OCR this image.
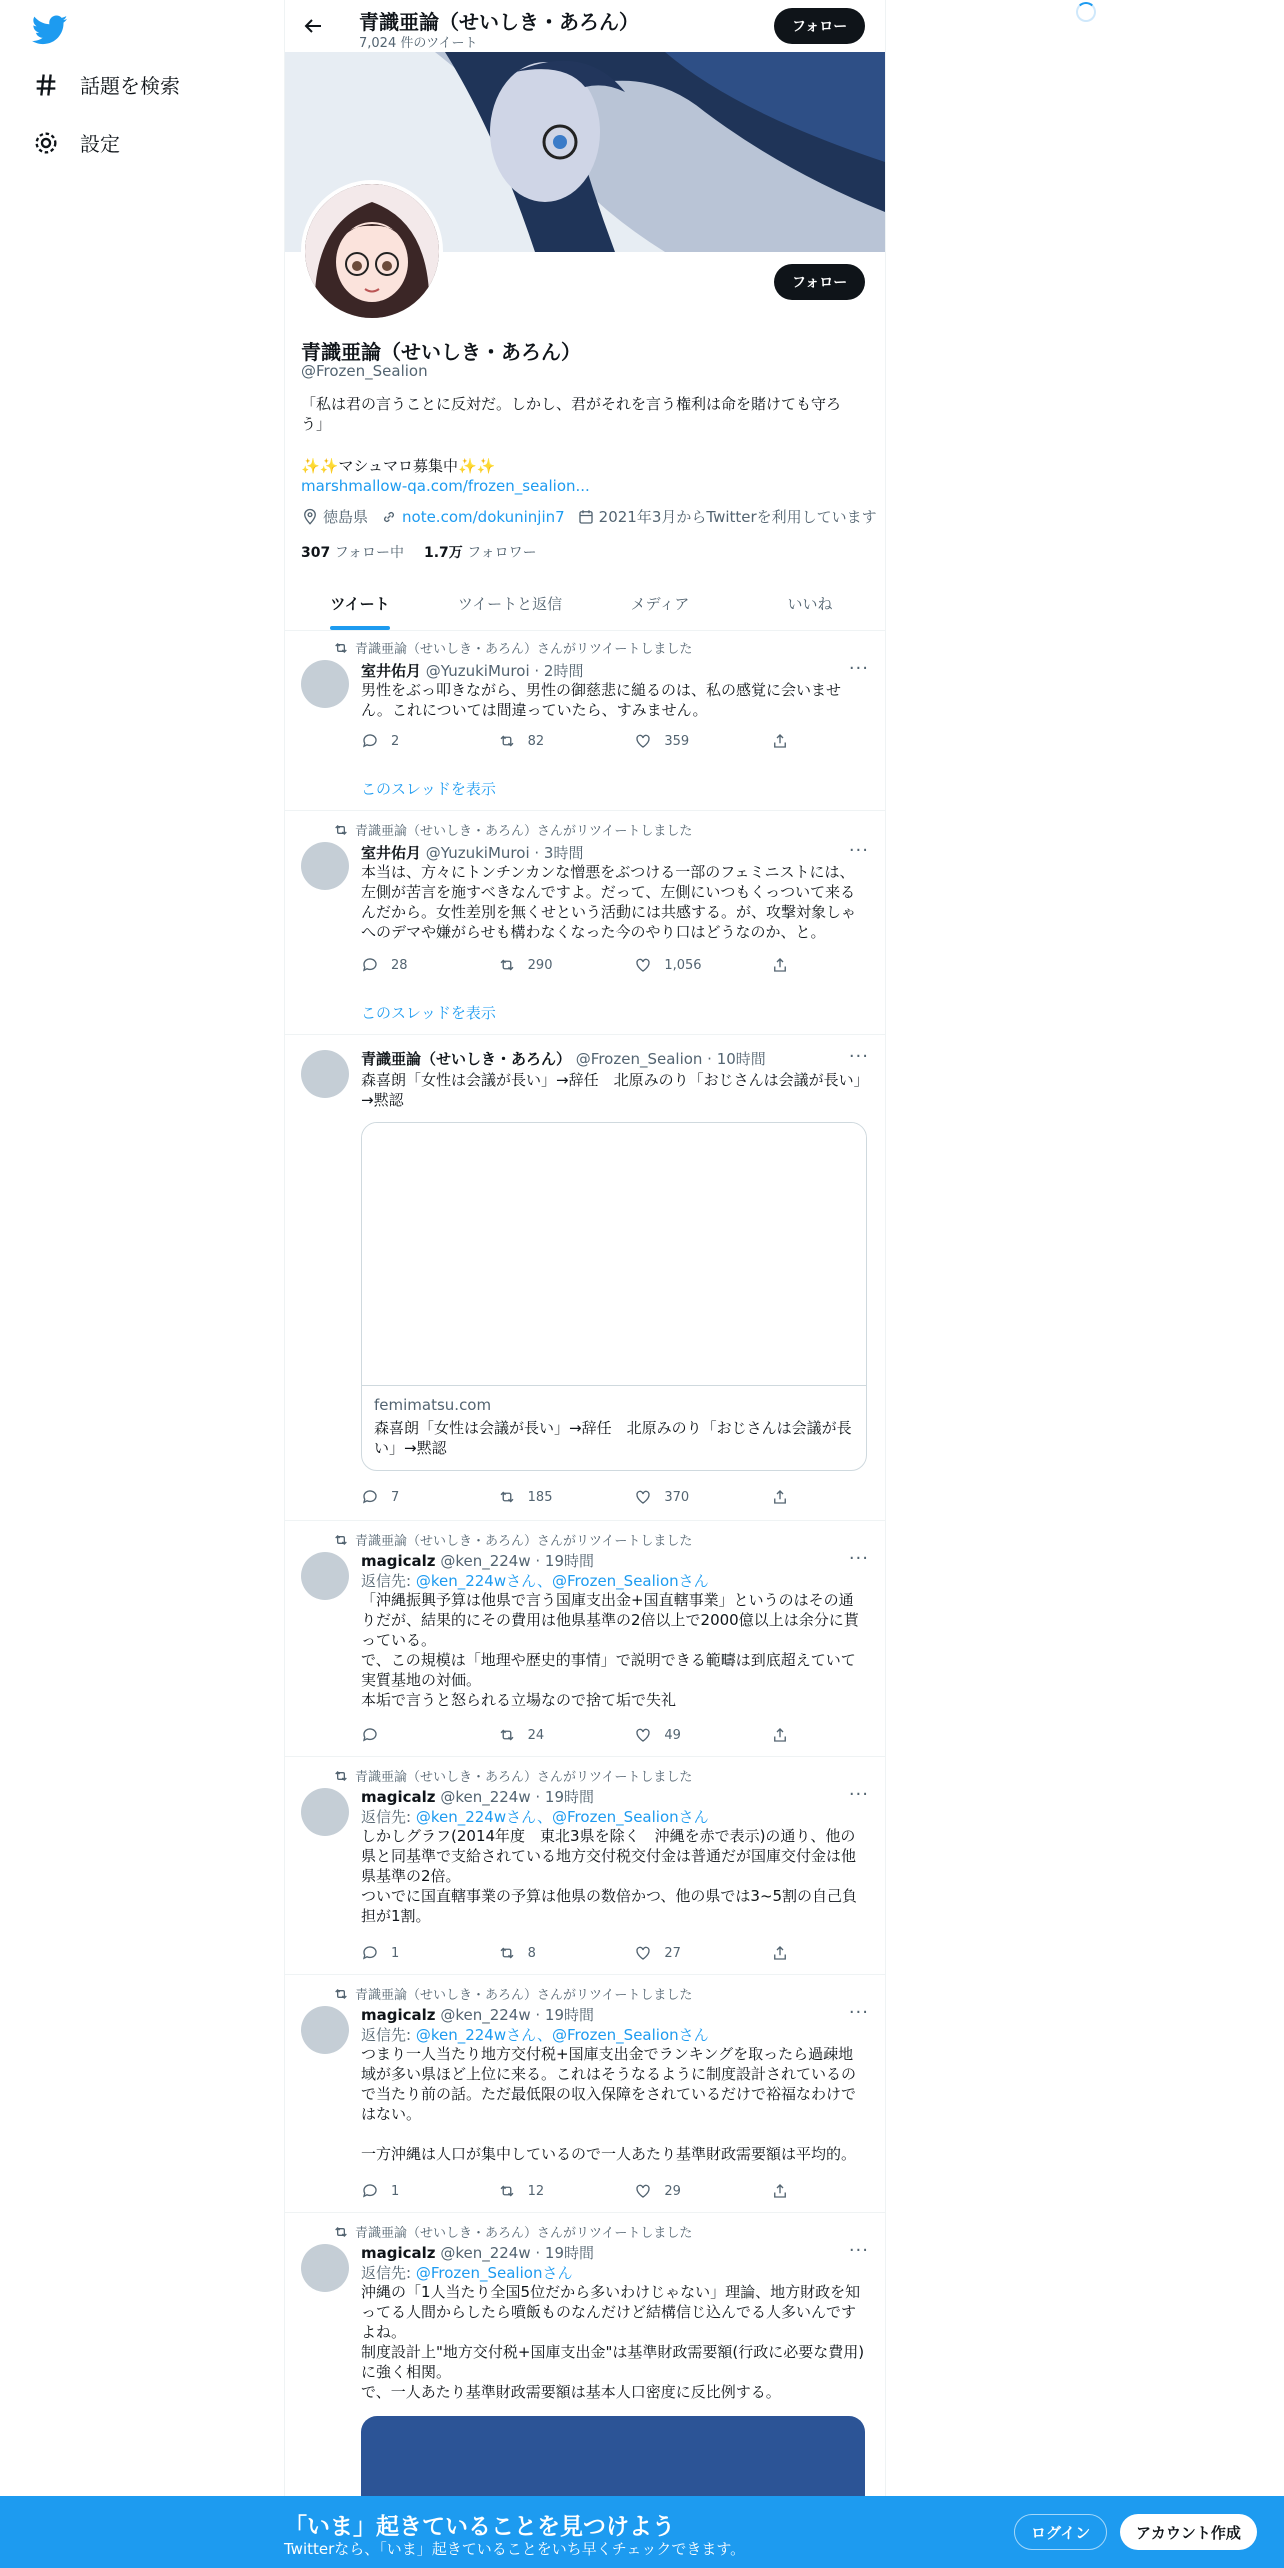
話題を検索
設定
青識亜論（せいしき・あろん）
7,024 件のツイート
フォロー
フォロー
青識亜論（せいしき・あろん）
@Frozen_Sealion
「私は君の言うことに反対だ。しかし、君がそれを言う権利は命を賭けても守ろう」
✨✨マシュマロ募集中✨✨
marshmallow-qa.com/frozen_sealion...
徳島県 note.com/dokuninjin7 2021年3月からTwitterを利用しています
307 フォロー中 1.7万 フォロワー
ツイート	ツイートと返信	メディア	いいね
青識亜論（せいしき・あろん）さんがリツイートしました
室井佑月 @YuzukiMuroi · 2時間	···
男性をぶっ叩きながら、男性の御慈悲に縋るのは、私の感覚に会いません。これについては間違っていたら、すみません。
2	82	359
このスレッドを表示
青識亜論（せいしき・あろん）さんがリツイートしました
室井佑月 @YuzukiMuroi · 3時間	···
本当は、方々にトンチンカンな憎悪をぶつける一部のフェミニストには、左側が苦言を施すべきなんですよ。だって、左側にいつもくっついて来るんだから。女性差別を無くせという活動には共感する。が、攻撃対象しゃへのデマや嫌がらせも構わなくなった今のやり口はどうなのか、と。
28	290	1,056
このスレッドを表示
青識亜論（せいしき・あろん） @Frozen_Sealion · 10時間	···
森喜朗「女性は会議が長い」→辞任　北原みのり「おじさんは会議が長い」→黙認
femimatsu.com
森喜朗「女性は会議が長い」→辞任　北原みのり「おじさんは会議が長い」→黙認
7	185	370
青識亜論（せいしき・あろん）さんがリツイートしました
magicalz @ken_224w · 19時間	···
返信先: @ken_224wさん、@Frozen_Sealionさん
「沖縄振興予算は他県で言う国庫支出金+国直轄事業」というのはその通りだが、結果的にその費用は他県基準の2倍以上で2000億以上は余分に貰っている。
で、この規模は「地理や歴史的事情」で説明できる範疇は到底超えていて実質基地の対価。
本垢で言うと怒られる立場なので捨て垢で失礼
24	49
青識亜論（せいしき・あろん）さんがリツイートしました
magicalz @ken_224w · 19時間	···
返信先: @ken_224wさん、@Frozen_Sealionさん
しかしグラフ(2014年度　東北3県を除く　沖縄を赤で表示)の通り、他の県と同基準で支給されている地方交付税交付金は普通だが国庫交付金は他県基準の2倍。
ついでに国直轄事業の予算は他県の数倍かつ、他の県では3~5割の自己負担が1割。
1	8	27
青識亜論（せいしき・あろん）さんがリツイートしました
magicalz @ken_224w · 19時間	···
返信先: @ken_224wさん、@Frozen_Sealionさん
つまり一人当たり地方交付税+国庫支出金でランキングを取ったら過疎地域が多い県ほど上位に来る。これはそうなるように制度設計されているので当たり前の話。ただ最低限の収入保障をされているだけで裕福なわけではない。

一方沖縄は人口が集中しているので一人あたり基準財政需要額は平均的。
1	12	29
青識亜論（せいしき・あろん）さんがリツイートしました
magicalz @ken_224w · 19時間	···
返信先: @Frozen_Sealionさん
沖縄の「1人当たり全国5位だから多いわけじゃない」理論、地方財政を知ってる人間からしたら噴飯ものなんだけど結構信じ込んでる人多いんですよね。
制度設計上"地方交付税+国庫支出金"は基準財政需要額(行政に必要な費用)に強く相関。
で、一人あたり基準財政需要額は基本人口密度に反比例する。
「いま」起きていることを見つけよう
Twitterなら、「いま」起きていることをいち早くチェックできます。
ログイン	アカウント作成
